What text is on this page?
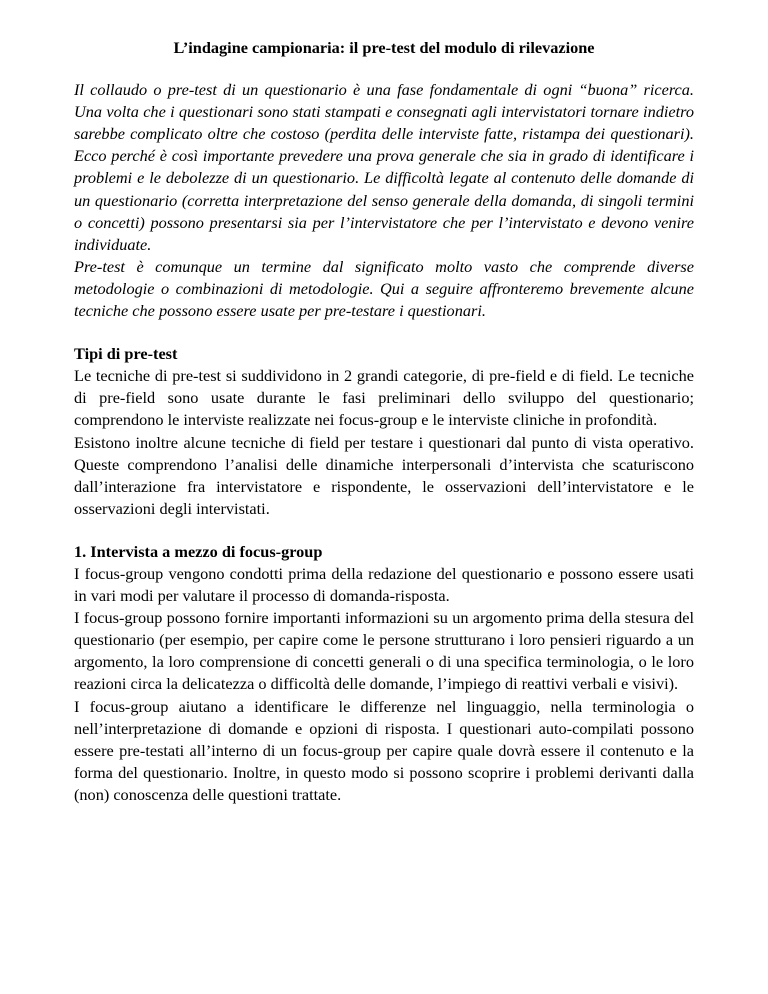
L’indagine campionaria: il pre-test del modulo di rilevazione

Il collaudo o pre-test di un questionario è una fase fondamentale di ogni “buona” ricerca. Una volta che i questionari sono stati stampati e consegnati agli intervistatori tornare indietro sarebbe complicato oltre che costoso (perdita delle interviste fatte, ristampa dei questionari). Ecco perché è così importante prevedere una prova generale che sia in grado di identificare i problemi e le debolezze di un questionario. Le difficoltà legate al contenuto delle domande di un questionario (corretta interpretazione del senso generale della domanda, di singoli termini o concetti) possono presentarsi sia per l’intervistatore che per l’intervistato e devono venire individuate.

Pre-test è comunque un termine dal significato molto vasto che comprende diverse metodologie o combinazioni di metodologie. Qui a seguire affronteremo brevemente alcune tecniche che possono essere usate per pre-testare i questionari.

Tipi di pre-test

Le tecniche di pre-test si suddividono in 2 grandi categorie, di pre-field e di field. Le tecniche di pre-field sono usate durante le fasi preliminari dello sviluppo del questionario; comprendono le interviste realizzate nei focus-group e le interviste cliniche in profondità.

Esistono inoltre alcune tecniche di field per testare i questionari dal punto di vista operativo. Queste comprendono l’analisi delle dinamiche interpersonali d’intervista che scaturiscono dall’interazione fra intervistatore e rispondente, le osservazioni dell’intervistatore e le osservazioni degli intervistati.

1. Intervista a mezzo di focus-group

I focus-group vengono condotti prima della redazione del questionario e possono essere usati in vari modi per valutare il processo di domanda-risposta.

I focus-group possono fornire importanti informazioni su un argomento prima della stesura del questionario (per esempio, per capire come le persone strutturano i loro pensieri riguardo a un argomento, la loro comprensione di concetti generali o di una specifica terminologia, o le loro reazioni circa la delicatezza o difficoltà delle domande, l’impiego di reattivi verbali e visivi).

I focus-group aiutano a identificare le differenze nel linguaggio, nella terminologia o nell’interpretazione di domande e opzioni di risposta. I questionari auto-compilati possono essere pre-testati all’interno di un focus-group per capire quale dovrà essere il contenuto e la forma del questionario. Inoltre, in questo modo si possono scoprire i problemi derivanti dalla (non) conoscenza delle questioni trattate.
